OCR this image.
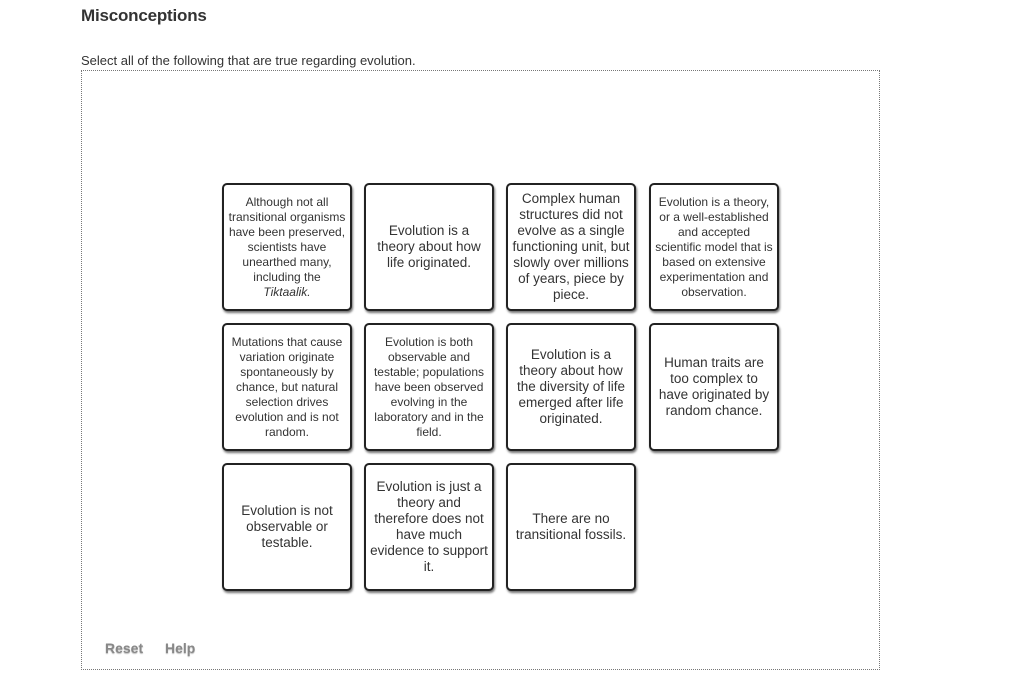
Misconceptions
Select all of the following that are true regarding evolution.
Although not all transitional organisms have been preserved, scientists have unearthed many, including the
Tiktaalik.
Evolution is a theory about how life originated.
Complex human structures did not evolve as a single functioning unit, but slowly over millions of years, piece by piece.
Evolution is a theory, or a well-established and accepted scientific model that is based on extensive experimentation and observation.
Mutations that cause variation originate spontaneously by chance, but natural selection drives evolution and is not random.
Evolution is both observable and testable; populations have been observed evolving in the laboratory and in the field.
Evolution is a theory about how the diversity of life emerged after life originated.
Human traits are too complex to have originated by random chance.
Evolution is not observable or testable.
Evolution is just a theory and therefore does not have much evidence to support it.
There are no transitional fossils.
Reset Help
